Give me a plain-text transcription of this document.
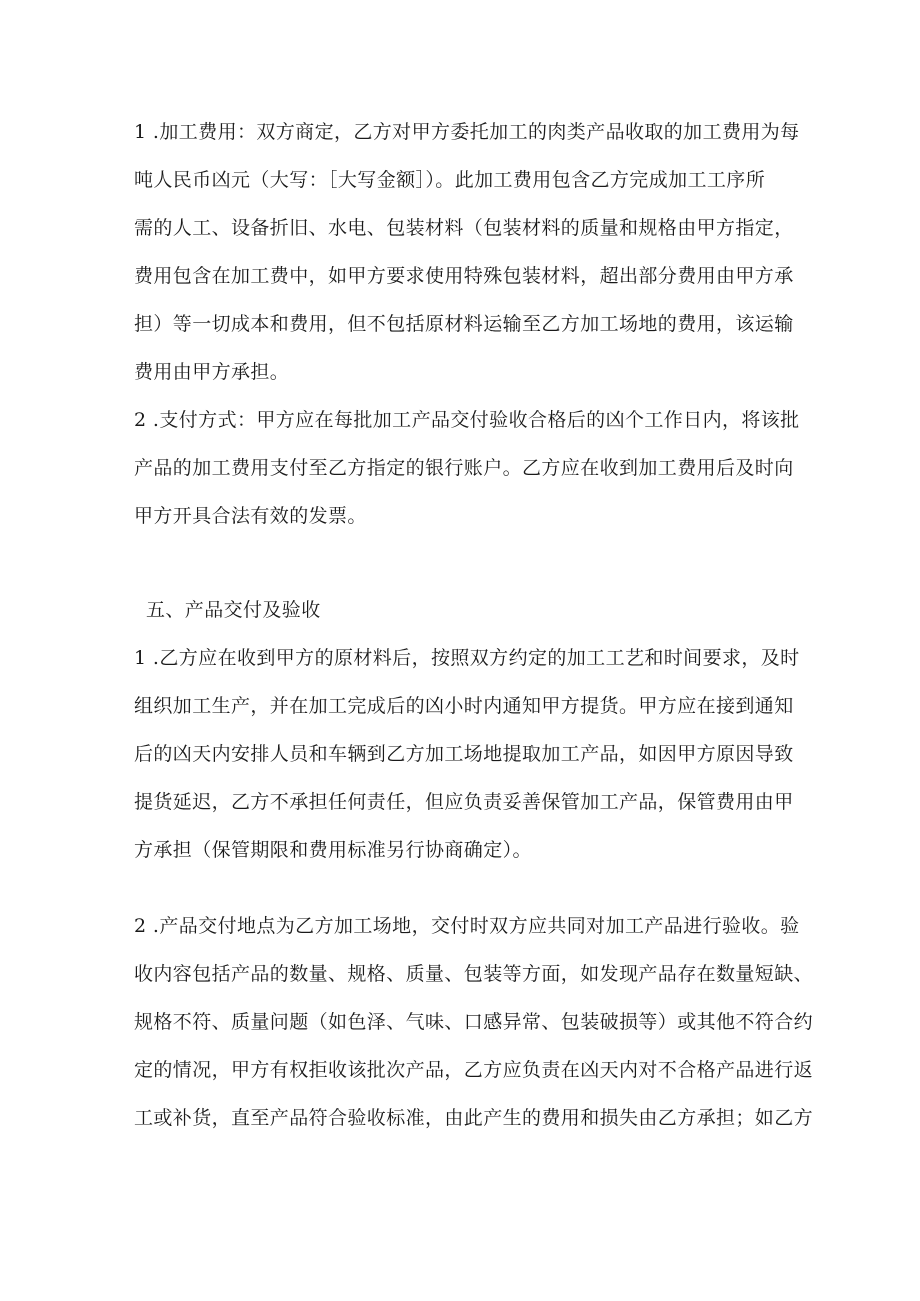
1 .加工费用：双方商定，乙方对甲方委托加工的肉类产品收取的加工费用为每
吨人民币凶元（大写：［大写金额］）。此加工费用包含乙方完成加工工序所
需的人工、设备折旧、水电、包装材料（包装材料的质量和规格由甲方指定，
费用包含在加工费中，如甲方要求使用特殊包装材料，超出部分费用由甲方承
担）等一切成本和费用，但不包括原材料运输至乙方加工场地的费用，该运输
费用由甲方承担。
2 .支付方式：甲方应在每批加工产品交付验收合格后的凶个工作日内，将该批
产品的加工费用支付至乙方指定的银行账户。乙方应在收到加工费用后及时向
甲方开具合法有效的发票。
五、产品交付及验收
1 .乙方应在收到甲方的原材料后，按照双方约定的加工工艺和时间要求，及时
组织加工生产，并在加工完成后的凶小时内通知甲方提货。甲方应在接到通知
后的凶天内安排人员和车辆到乙方加工场地提取加工产品，如因甲方原因导致
提货延迟，乙方不承担任何责任，但应负责妥善保管加工产品，保管费用由甲
方承担（保管期限和费用标准另行协商确定）。
2 .产品交付地点为乙方加工场地，交付时双方应共同对加工产品进行验收。验
收内容包括产品的数量、规格、质量、包装等方面，如发现产品存在数量短缺、
规格不符、质量问题（如色泽、气味、口感异常、包装破损等）或其他不符合约
定的情况，甲方有权拒收该批次产品，乙方应负责在凶天内对不合格产品进行返
工或补货，直至产品符合验收标准，由此产生的费用和损失由乙方承担；如乙方
